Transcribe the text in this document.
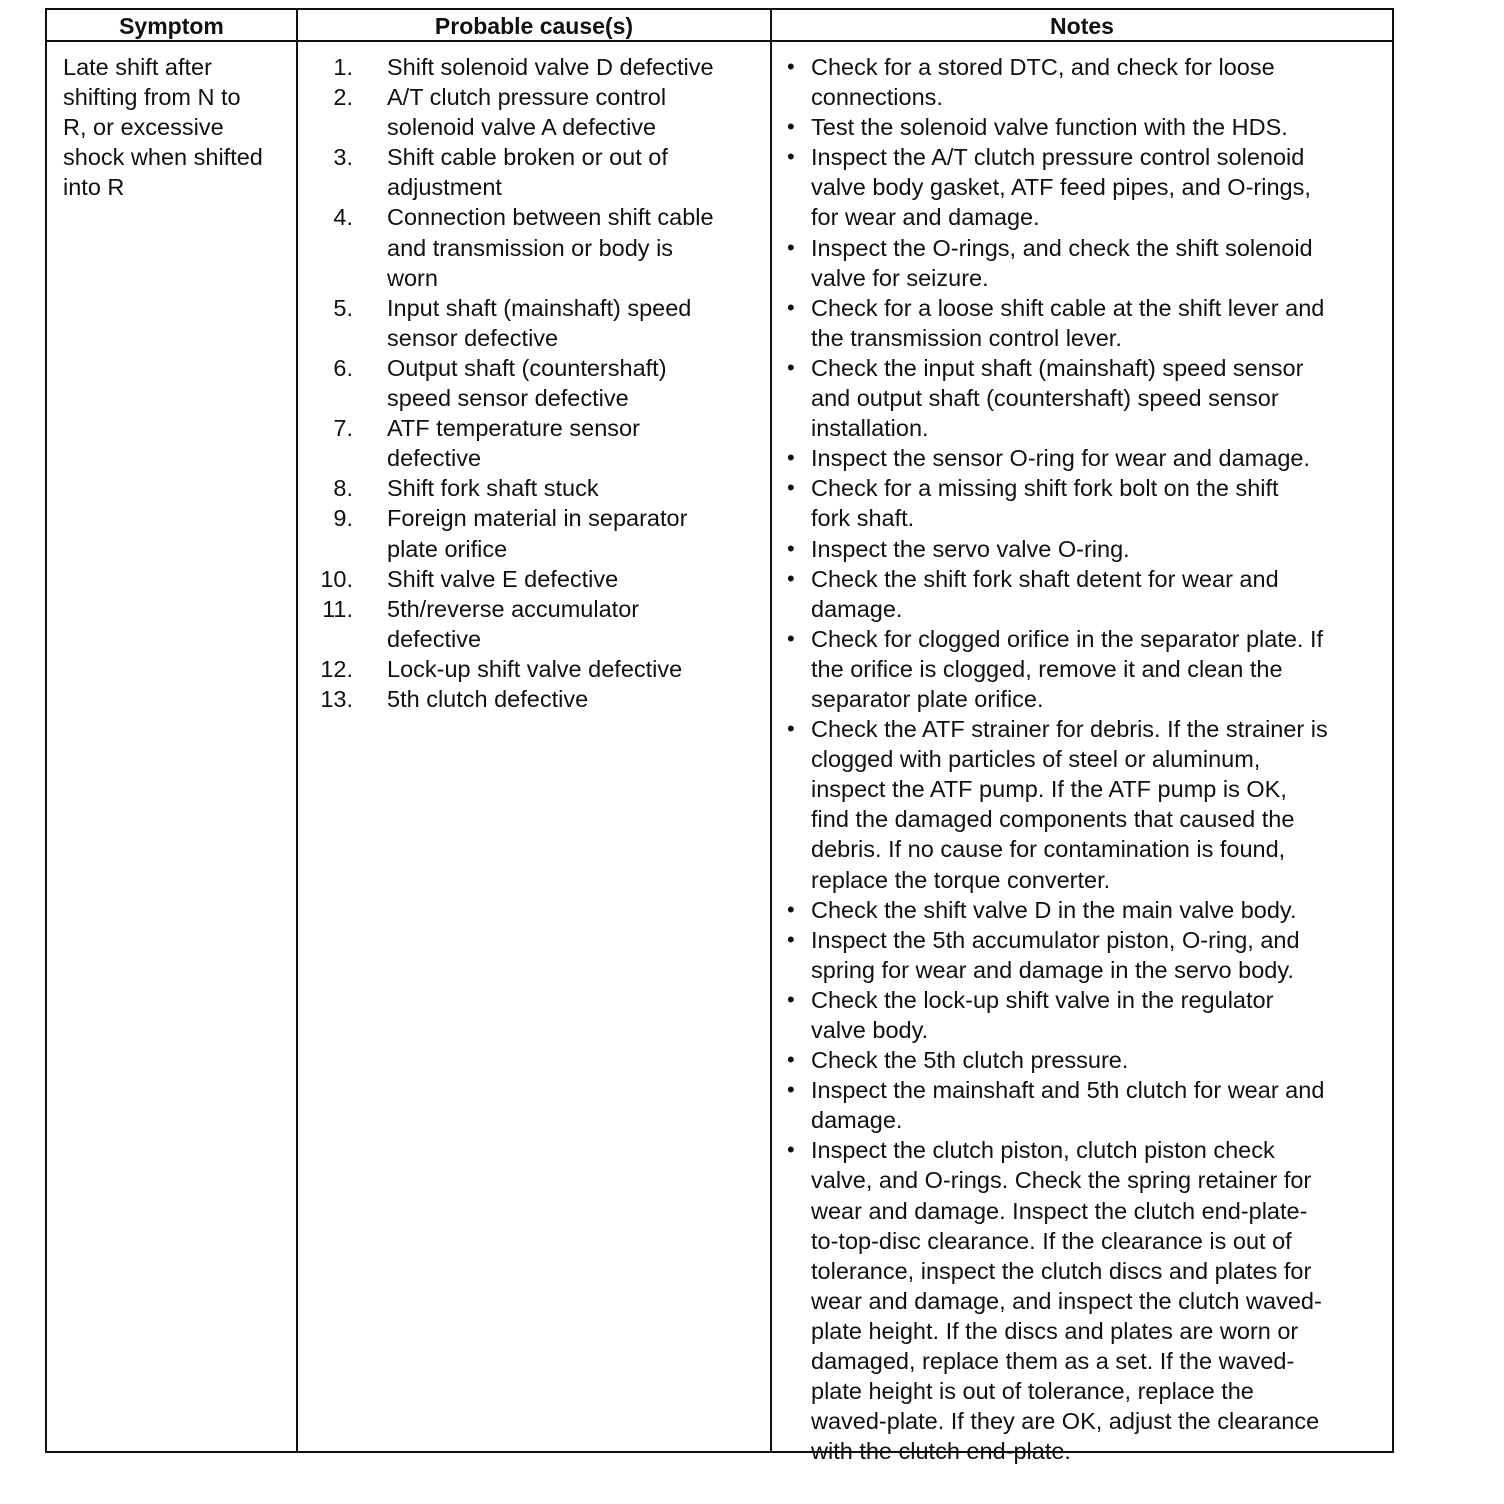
Symptom	Probable cause(s)	Notes
Late shift after
shifting from N to
R, or excessive
shock when shifted
into R
1. Shift solenoid valve D defective
2. A/T clutch pressure control
solenoid valve A defective
3. Shift cable broken or out of
adjustment
4. Connection between shift cable
and transmission or body is
worn
5. Input shaft (mainshaft) speed
sensor defective
6. Output shaft (countershaft)
speed sensor defective
7. ATF temperature sensor
defective
8. Shift fork shaft stuck
9. Foreign material in separator
plate orifice
10. Shift valve E defective
11. 5th/reverse accumulator
defective
12. Lock-up shift valve defective
13. 5th clutch defective
• Check for a stored DTC, and check for loose
connections.
• Test the solenoid valve function with the HDS.
• Inspect the A/T clutch pressure control solenoid
valve body gasket, ATF feed pipes, and O-rings,
for wear and damage.
• Inspect the O-rings, and check the shift solenoid
valve for seizure.
• Check for a loose shift cable at the shift lever and
the transmission control lever.
• Check the input shaft (mainshaft) speed sensor
and output shaft (countershaft) speed sensor
installation.
• Inspect the sensor O-ring for wear and damage.
• Check for a missing shift fork bolt on the shift
fork shaft.
• Inspect the servo valve O-ring.
• Check the shift fork shaft detent for wear and
damage.
• Check for clogged orifice in the separator plate. If
the orifice is clogged, remove it and clean the
separator plate orifice.
• Check the ATF strainer for debris. If the strainer is
clogged with particles of steel or aluminum,
inspect the ATF pump. If the ATF pump is OK,
find the damaged components that caused the
debris. If no cause for contamination is found,
replace the torque converter.
• Check the shift valve D in the main valve body.
• Inspect the 5th accumulator piston, O-ring, and
spring for wear and damage in the servo body.
• Check the lock-up shift valve in the regulator
valve body.
• Check the 5th clutch pressure.
• Inspect the mainshaft and 5th clutch for wear and
damage.
• Inspect the clutch piston, clutch piston check
valve, and O-rings. Check the spring retainer for
wear and damage. Inspect the clutch end-plate-
to-top-disc clearance. If the clearance is out of
tolerance, inspect the clutch discs and plates for
wear and damage, and inspect the clutch waved-
plate height. If the discs and plates are worn or
damaged, replace them as a set. If the waved-
plate height is out of tolerance, replace the
waved-plate. If they are OK, adjust the clearance
with the clutch end-plate.
